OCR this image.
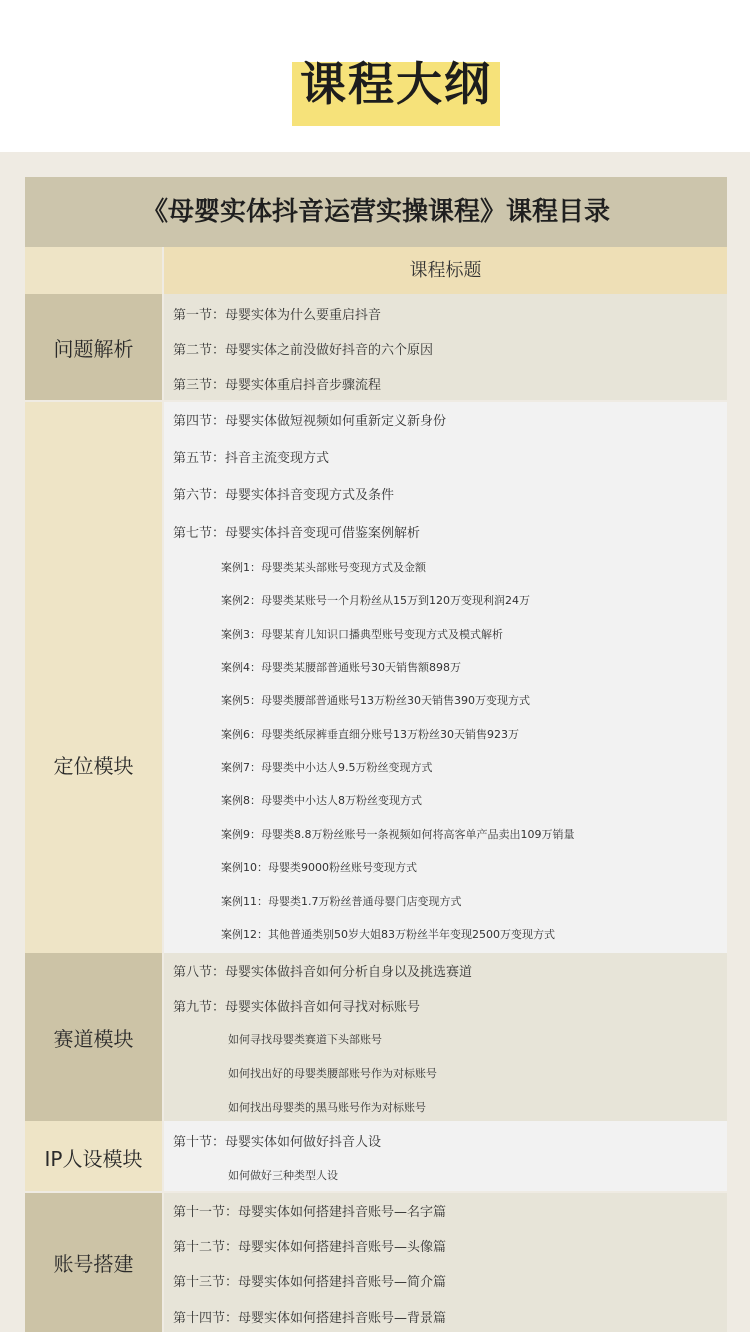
课程大纲
《母婴实体抖音运营实操课程》课程目录
课程标题
问题解析
第一节：母婴实体为什么要重启抖音
第二节：母婴实体之前没做好抖音的六个原因
第三节：母婴实体重启抖音步骤流程
定位模块
第四节：母婴实体做短视频如何重新定义新身份
第五节：抖音主流变现方式
第六节：母婴实体抖音变现方式及条件
第七节：母婴实体抖音变现可借鉴案例解析
案例1：母婴类某头部账号变现方式及金额
案例2：母婴类某账号一个月粉丝从15万到120万变现利润24万
案例3：母婴某育儿知识口播典型账号变现方式及模式解析
案例4：母婴类某腰部普通账号30天销售额898万
案例5：母婴类腰部普通账号13万粉丝30天销售390万变现方式
案例6：母婴类纸尿裤垂直细分账号13万粉丝30天销售923万
案例7：母婴类中小达人9.5万粉丝变现方式
案例8：母婴类中小达人8万粉丝变现方式
案例9：母婴类8.8万粉丝账号一条视频如何将高客单产品卖出109万销量
案例10：母婴类9000粉丝账号变现方式
案例11：母婴类1.7万粉丝普通母婴门店变现方式
案例12：其他普通类别50岁大姐83万粉丝半年变现2500万变现方式
赛道模块
第八节：母婴实体做抖音如何分析自身以及挑选赛道
第九节：母婴实体做抖音如何寻找对标账号
如何寻找母婴类赛道下头部账号
如何找出好的母婴类腰部账号作为对标账号
如何找出母婴类的黑马账号作为对标账号
IP人设模块
第十节：母婴实体如何做好抖音人设
如何做好三种类型人设
账号搭建
第十一节：母婴实体如何搭建抖音账号—名字篇
第十二节：母婴实体如何搭建抖音账号—头像篇
第十三节：母婴实体如何搭建抖音账号—简介篇
第十四节：母婴实体如何搭建抖音账号—背景篇
